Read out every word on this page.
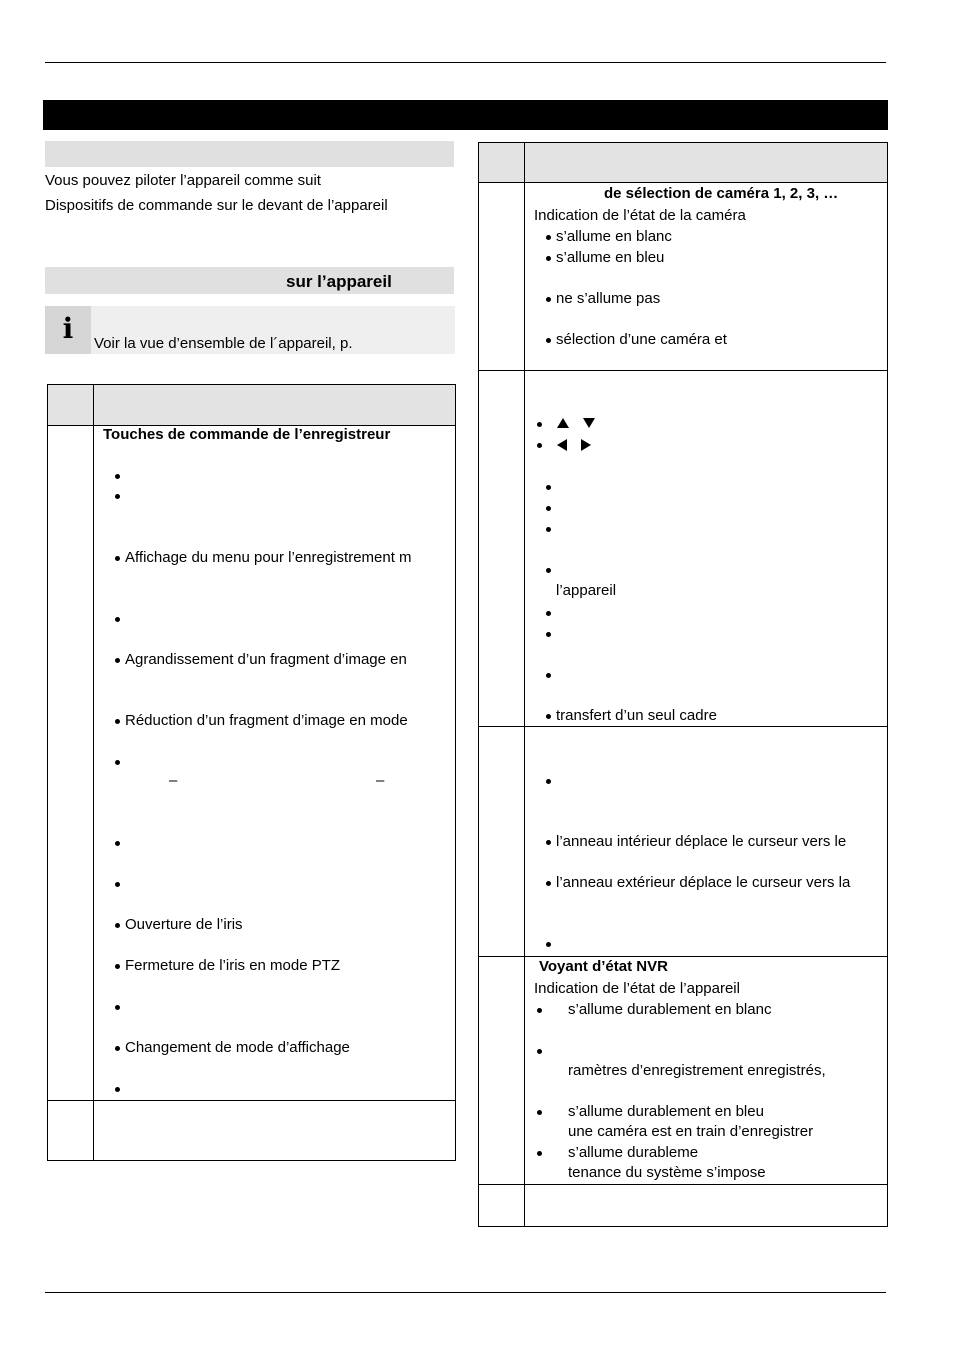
Vous pouvez piloter l’appareil comme suit
Dispositifs de commande sur le devant de l’appareil
sur l’appareil
i	Voir la vue d’ensemble de l´appareil, p.
Touches de commande de l’enregistreur
Affichage du menu pour l’enregistrement m
Agrandissement d’un fragment d’image en
Réduction d’un fragment d’image en mode
–	–
Ouverture de l’iris
Fermeture de l’iris en mode PTZ
Changement de mode d’affichage
de sélection de caméra 1, 2, 3, …
Indication de l’état de la caméra
s’allume en blanc
s’allume en bleu
ne s’allume pas
sélection d’une caméra et
l’appareil
transfert d’un seul cadre
l’anneau intérieur déplace le curseur vers le
l’anneau extérieur déplace le curseur vers la
Voyant d’état NVR
Indication de l’état de l’appareil
s’allume durablement en blanc
ramètres d’enregistrement enregistrés,
s’allume durablement en bleu
une caméra est en train d’enregistrer
s’allume durableme
tenance du système s’impose
